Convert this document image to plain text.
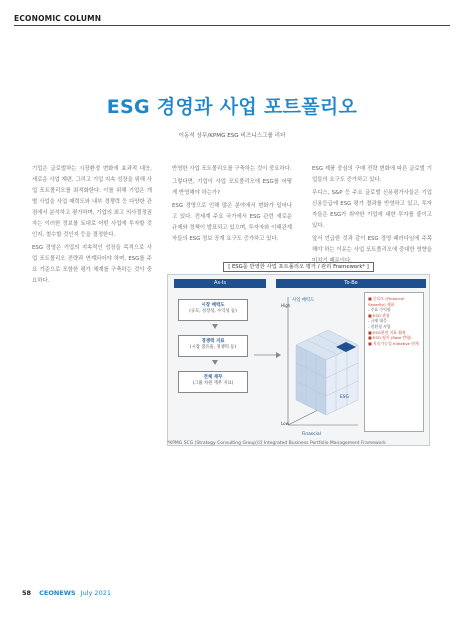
ECONOMIC COLUMN
ESG 경영과 사업 포트폴리오
이동석 상무/KPMG ESG 비즈니스그룹 리더

기업은 글로벌하는 시장환경 변화에 효과적 대응, 새로운 사업 재편, 그리고 기업 지속 성장을 위해 사업 포트폴리오를 최적화한다. 이를 위해 기업은 개별 사업을 사업 매력도와 내부 경쟁력 등 다양한 관점에서 분석하고 평가하며, 기업의 최고 의사결정권자는 이러한 정보를 토대로 어떤 사업에 투자할 것인지, 철수할 것인지 등을 결정한다.

ESG 경영은 기업의 지속적인 성장을 목적으로 사업 포트폴리오 전략과 연계되어야 하며, ESG를 주요 기준으로 포함한 평가 체계를 구축하는 것이 중요하다.

반영한 사업 포트폴리오를 구축하는 것이 중요하다.

그렇다면, 기업이 사업 포트폴리오에 ESG를 어떻게 반영해야 하는가?

ESG 경영으로 인해 많은 분야에서 변화가 일어나고 있다. 전세계 주요 국가에서 ESG 관련 새로운 규제와 정책이 발표되고 있으며, 투자자와 이해관계자들의 ESG 정보 공개 요구도 증가하고 있다.

ESG 제품 중심의 구매 전략 변화에 따른 글로벌 기업들의 요구도 증가하고 있다.

무디스, S&P 등 주요 글로벌 신용평가사들은 기업 신용등급에 ESG 평가 결과를 반영하고 있고, 투자자들은 ESG가 취약한 기업에 대한 투자를 줄이고 있다.

앞서 언급한 것과 같이 ESG 경영 패러다임에 주목해야 하는 이유는 사업 포트폴리오에 중대한 영향을 미치기 때문이다.

[ ESG를 반영한 사업 포트폴리오 평가 / 관리 Framework* ]
As-Is	To-Be
시장 매력도
(규모, 성장성, 수익성 등)
경쟁력 지표
(시장 점유율, 경쟁력 등)
전체 재무
(그룹 차원 재무 지표)
High
Low
사업 매력도
Financial
ESG
■ 중요도 (Financial Severity) 제품
- 주요 수익원
■ ESG 관점
- 규제 대응
- 친환경 사업
■ ESG관련 지표 활용
■ ESG 평가 (Rate 반영)
■ 지속가능성 Initiative 연계
*KPMG SCG (Strategy Consulting Group)의 Integrated Business Portfolio Management Framework
58 CEONEWS July 2021
